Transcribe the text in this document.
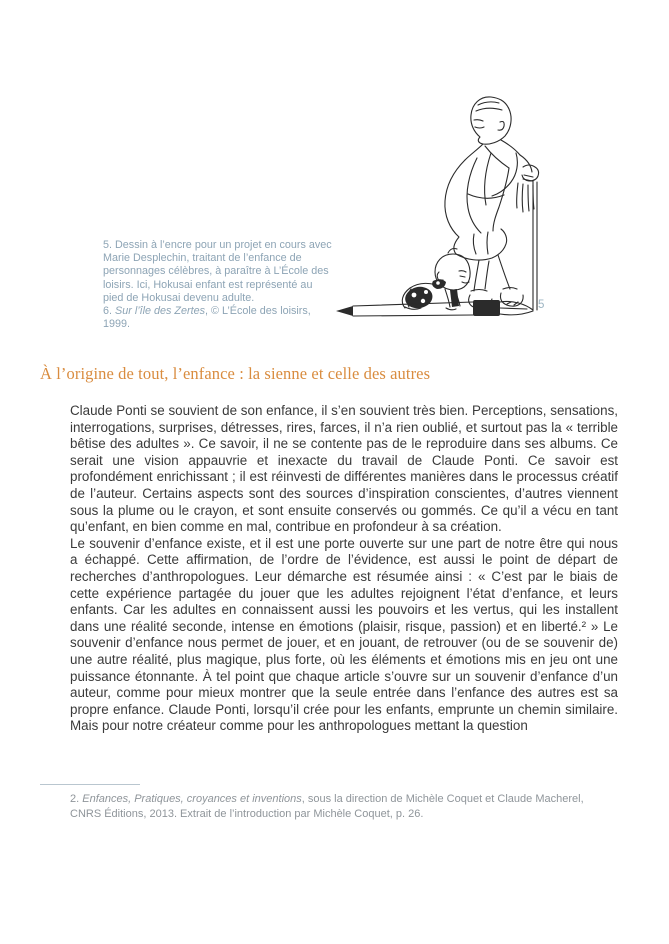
5. Dessin à l’encre pour un projet en cours avec Marie Desplechin, traitant de l’enfance de personnages célèbres, à paraître à L’École des loisirs. Ici, Hokusai enfant est représenté au pied de Hokusai devenu adulte.
6. Sur l’île des Zertes, © L’École des loisirs, 1999.
5
À l’origine de tout, l’enfance : la sienne et celle des autres

Claude Ponti se souvient de son enfance, il s’en souvient très bien. Perceptions, sensations, interrogations, surprises, détresses, rires, farces, il n’a rien oublié, et surtout pas la « terrible bêtise des adultes ». Ce savoir, il ne se contente pas de le reproduire dans ses albums. Ce serait une vision appauvrie et inexacte du travail de Claude Ponti. Ce savoir est profondément enrichissant ; il est réinvesti de différentes manières dans le processus créatif de l’auteur. Certains aspects sont des sources d’inspiration conscientes, d’autres viennent sous la plume ou le crayon, et sont ensuite conservés ou gommés. Ce qu’il a vécu en tant qu’enfant, en bien comme en mal, contribue en profondeur à sa création.

Le souvenir d’enfance existe, et il est une porte ouverte sur une part de notre être qui nous a échappé. Cette affirmation, de l’ordre de l’évidence, est aussi le point de départ de recherches d’anthropologues. Leur démarche est résumée ainsi : « C’est par le biais de cette expérience partagée du jouer que les adultes rejoignent l’état d’enfance, et leurs enfants. Car les adultes en connaissent aussi les pouvoirs et les vertus, qui les installent dans une réalité seconde, intense en émotions (plaisir, risque, passion) et en liberté.² » Le souvenir d’enfance nous permet de jouer, et en jouant, de retrouver (ou de se souvenir de) une autre réalité, plus magique, plus forte, où les éléments et émotions mis en jeu ont une puissance étonnante. À tel point que chaque article s’ouvre sur un souvenir d’enfance d’un auteur, comme pour mieux montrer que la seule entrée dans l’enfance des autres est sa propre enfance. Claude Ponti, lorsqu’il crée pour les enfants, emprunte un chemin similaire. Mais pour notre créateur comme pour les anthropologues mettant la question

2. Enfances, Pratiques, croyances et inventions, sous la direction de Michèle Coquet et Claude Macherel, CNRS Éditions, 2013. Extrait de l’introduction par Michèle Coquet, p. 26.
